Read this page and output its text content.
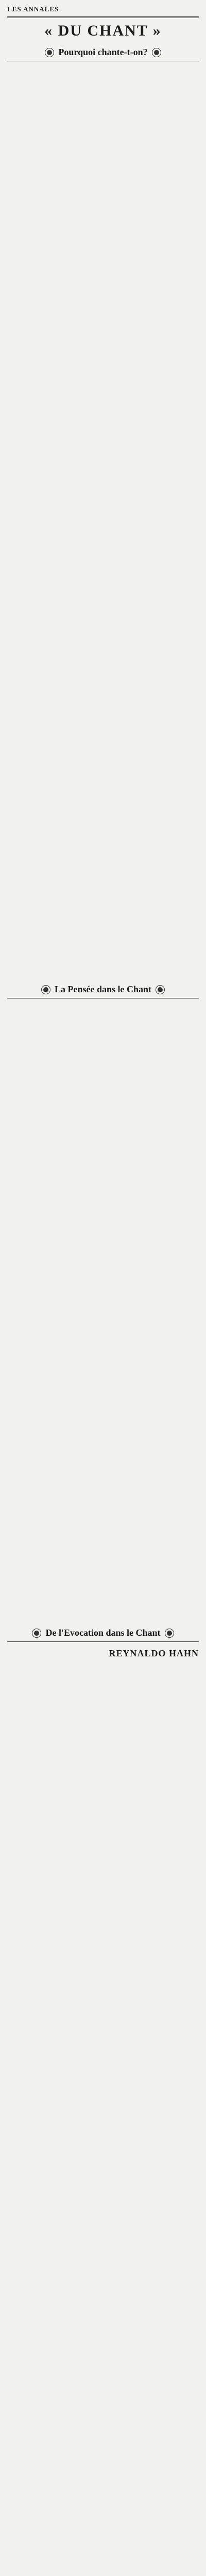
LES ANNALES
« DU CHANT »
Pourquoi chante-t-on?
La Pensée dans le Chant
De l'Evocation dans le Chant
REYNALDO HAHN
